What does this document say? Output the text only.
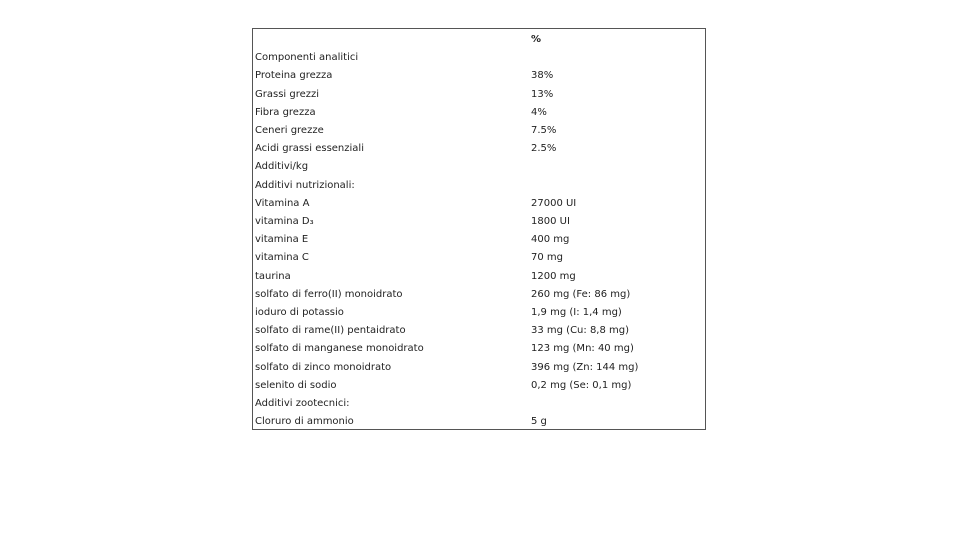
	%
Componenti analitici	
Proteina grezza	38%
Grassi grezzi	13%
Fibra grezza	4%
Ceneri grezze	7.5%
Acidi grassi essenziali	2.5%
Additivi/kg	
Additivi nutrizionali:	
Vitamina A	27000 UI
vitamina D₃	1800 UI
vitamina E	400 mg
vitamina C	70 mg
taurina	1200 mg
solfato di ferro(II) monoidrato	260 mg (Fe: 86 mg)
ioduro di potassio	1,9 mg (I: 1,4 mg)
solfato di rame(II) pentaidrato	33 mg (Cu: 8,8 mg)
solfato di manganese monoidrato	123 mg (Mn: 40 mg)
solfato di zinco monoidrato	396 mg (Zn: 144 mg)
selenito di sodio	0,2 mg (Se: 0,1 mg)
Additivi zootecnici:	
Cloruro di ammonio	5 g
